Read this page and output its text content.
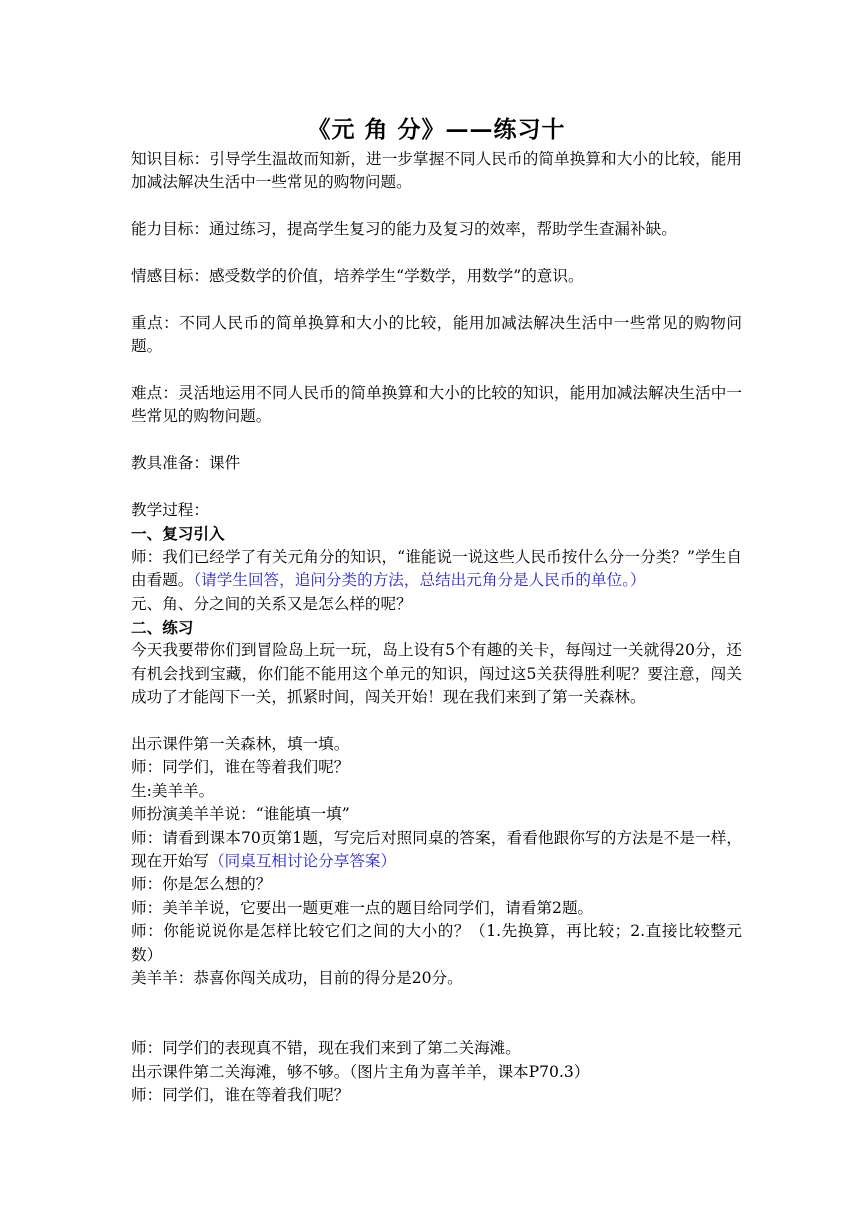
《元 角 分》——练习十

知识目标：引导学生温故而知新，进一步掌握不同人民币的简单换算和大小的比较，能用加减法解决生活中一些常见的购物问题。

能力目标：通过练习，提高学生复习的能力及复习的效率，帮助学生查漏补缺。

情感目标：感受数学的价值，培养学生“学数学，用数学”的意识。

重点：不同人民币的简单换算和大小的比较，能用加减法解决生活中一些常见的购物问题。

难点：灵活地运用不同人民币的简单换算和大小的比较的知识，能用加减法解决生活中一些常见的购物问题。

教具准备：课件

教学过程：

一、复习引入

师：我们已经学了有关元角分的知识，“谁能说一说这些人民币按什么分一分类？”学生自由看题。（请学生回答，追问分类的方法，总结出元角分是人民币的单位。）

元、角、分之间的关系又是怎么样的呢？

二、练习

今天我要带你们到冒险岛上玩一玩，岛上设有5个有趣的关卡，每闯过一关就得20分，还有机会找到宝藏，你们能不能用这个单元的知识，闯过这5关获得胜利呢？要注意，闯关成功了才能闯下一关，抓紧时间，闯关开始！现在我们来到了第一关森林。

出示课件第一关森林，填一填。

师：同学们，谁在等着我们呢？

生:美羊羊。

师扮演美羊羊说：“谁能填一填”

师：请看到课本70页第1题，写完后对照同桌的答案，看看他跟你写的方法是不是一样，现在开始写（同桌互相讨论分享答案）

师：你是怎么想的？

师：美羊羊说，它要出一题更难一点的题目给同学们，请看第2题。

师：你能说说你是怎样比较它们之间的大小的？（1.先换算，再比较；2.直接比较整元数）

美羊羊：恭喜你闯关成功，目前的得分是20分。

师：同学们的表现真不错，现在我们来到了第二关海滩。

出示课件第二关海滩，够不够。（图片主角为喜羊羊，课本P70.3）

师：同学们，谁在等着我们呢？
